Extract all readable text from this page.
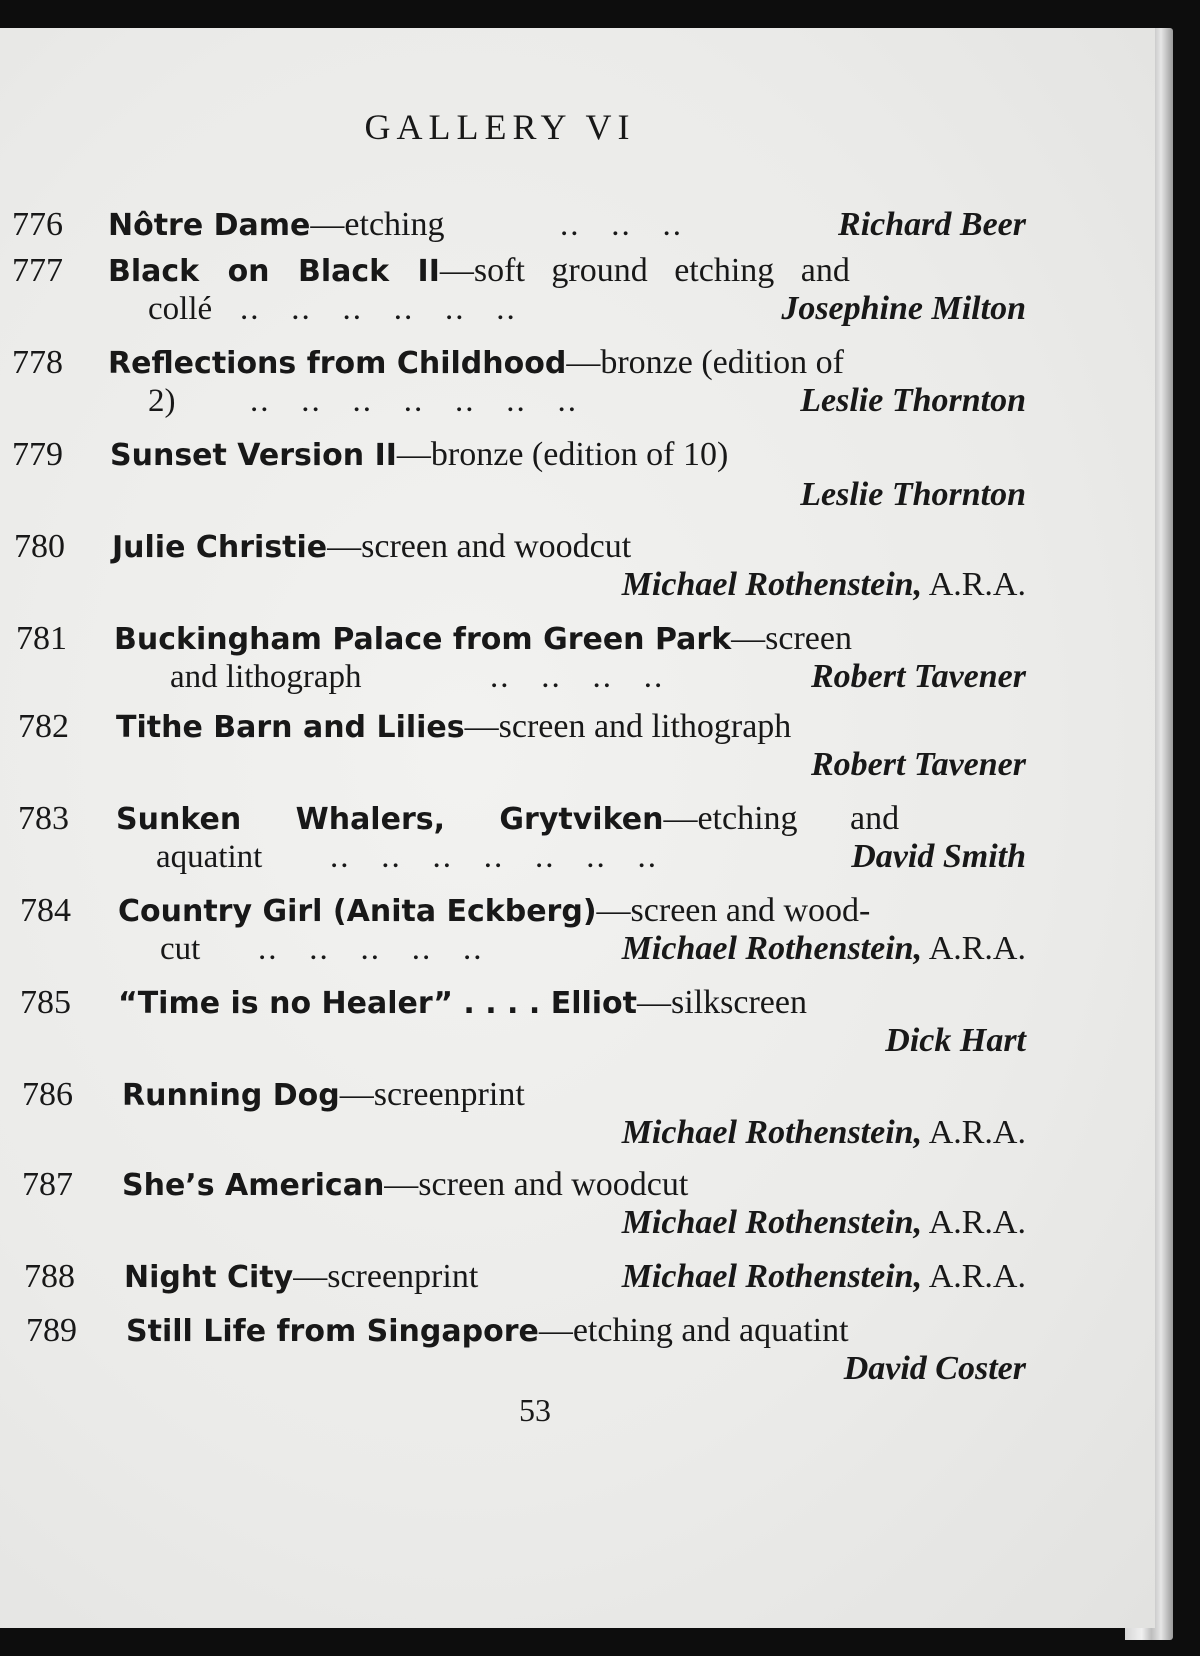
GALLERY VI
776	Nôtre Dame—etching	..   ..   ..	Richard Beer
777	Black on Black II—soft ground etching and
collé ..   ..   ..   ..   ..   ..	Josephine Milton
778	Reflections from Childhood—bronze (edition of
2) ..   ..   ..   ..   ..   ..   ..	Leslie Thornton
779	Sunset Version II—bronze (edition of 10)
Leslie Thornton
780	Julie Christie—screen and woodcut
Michael Rothenstein, A.R.A.
781	Buckingham Palace from Green Park—screen
and lithograph	..   ..   ..   ..	Robert Tavener
782	Tithe Barn and Lilies—screen and lithograph
Robert Tavener
783	Sunken Whalers, Grytviken—etching and
aquatint ..   ..   ..   ..   ..   ..   ..	David Smith
784	Country Girl (Anita Eckberg)—screen and wood-
cut ..   ..   ..   ..   ..	Michael Rothenstein, A.R.A.
785	“Time is no Healer” . . . . Elliot—silkscreen
Dick Hart
786	Running Dog—screenprint
Michael Rothenstein, A.R.A.
787	She’s American—screen and woodcut
Michael Rothenstein, A.R.A.
788	Night City—screenprint	Michael Rothenstein, A.R.A.
789	Still Life from Singapore—etching and aquatint
David Coster
53
